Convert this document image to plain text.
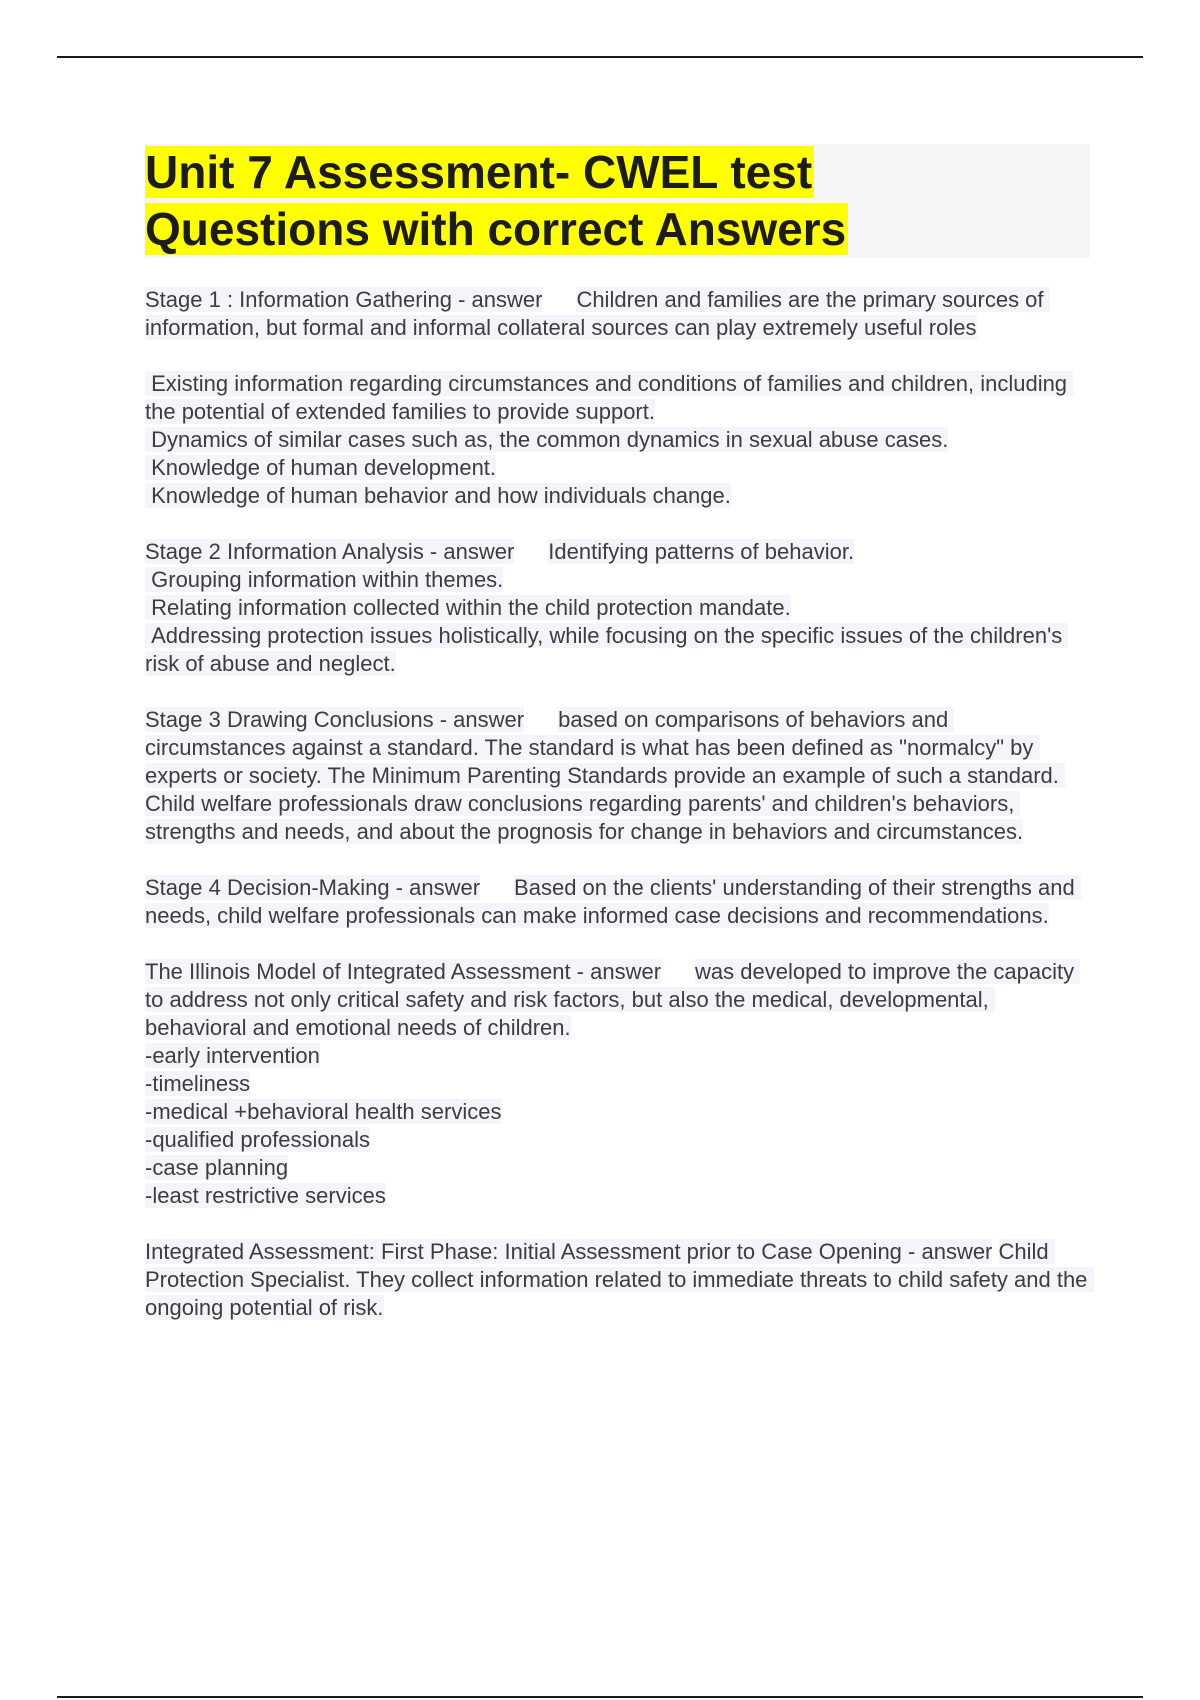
Unit 7 Assessment- CWEL test
Questions with correct Answers

Stage 1 : Information Gathering - answer Children and families are the primary sources of information, but formal and informal collateral sources can play extremely useful roles

Existing information regarding circumstances and conditions of families and children, including the potential of extended families to provide support.
Dynamics of similar cases such as, the common dynamics in sexual abuse cases.
Knowledge of human development.
Knowledge of human behavior and how individuals change.

Stage 2 Information Analysis - answer Identifying patterns of behavior.
Grouping information within themes.
Relating information collected within the child protection mandate.
Addressing protection issues holistically, while focusing on the specific issues of the children's risk of abuse and neglect.

Stage 3 Drawing Conclusions - answer based on comparisons of behaviors and circumstances against a standard. The standard is what has been defined as "normalcy" by experts or society. The Minimum Parenting Standards provide an example of such a standard. Child welfare professionals draw conclusions regarding parents' and children's behaviors, strengths and needs, and about the prognosis for change in behaviors and circumstances.

Stage 4 Decision-Making - answer Based on the clients' understanding of their strengths and needs, child welfare professionals can make informed case decisions and recommendations.

The Illinois Model of Integrated Assessment - answer was developed to improve the capacity to address not only critical safety and risk factors, but also the medical, developmental, behavioral and emotional needs of children.
-early intervention
-timeliness
-medical +behavioral health services
-qualified professionals
-case planning
-least restrictive services

Integrated Assessment: First Phase: Initial Assessment prior to Case Opening - answer Child Protection Specialist. They collect information related to immediate threats to child safety and the ongoing potential of risk.
